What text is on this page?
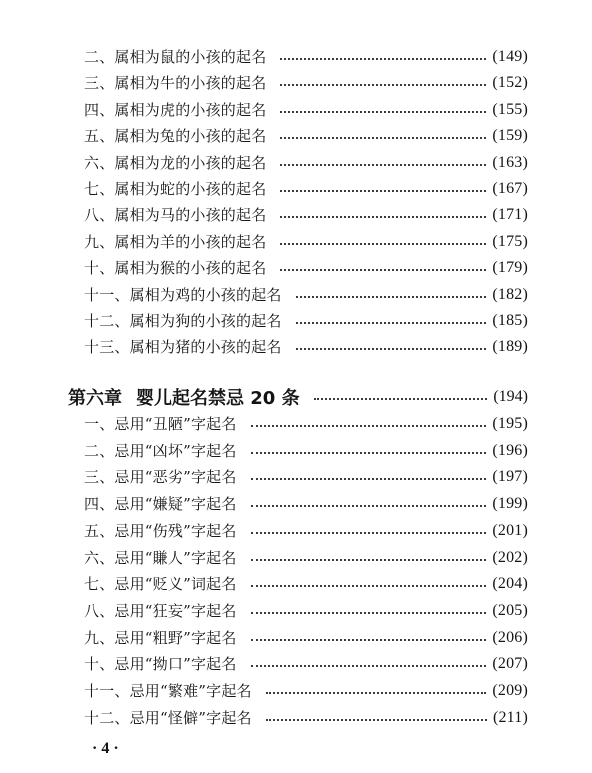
二、属相为鼠的小孩的起名	(149)
三、属相为牛的小孩的起名	(152)
四、属相为虎的小孩的起名	(155)
五、属相为兔的小孩的起名	(159)
六、属相为龙的小孩的起名	(163)
七、属相为蛇的小孩的起名	(167)
八、属相为马的小孩的起名	(171)
九、属相为羊的小孩的起名	(175)
十、属相为猴的小孩的起名	(179)
十一、属相为鸡的小孩的起名	(182)
十二、属相为狗的小孩的起名	(185)
十三、属相为猪的小孩的起名	(189)
第六章 婴儿起名禁忌 20 条	(194)
一、忌用“丑陋”字起名	(195)
二、忌用“凶坏”字起名	(196)
三、忌用“恶劣”字起名	(197)
四、忌用“嫌疑”字起名	(199)
五、忌用“伤残”字起名	(201)
六、忌用“賺人”字起名	(202)
七、忌用“贬义”词起名	(204)
八、忌用“狂妄”字起名	(205)
九、忌用“粗野”字起名	(206)
十、忌用“拗口”字起名	(207)
十一、忌用“繁难”字起名	(209)
十二、忌用“怪僻”字起名	(211)
· 4 ·
